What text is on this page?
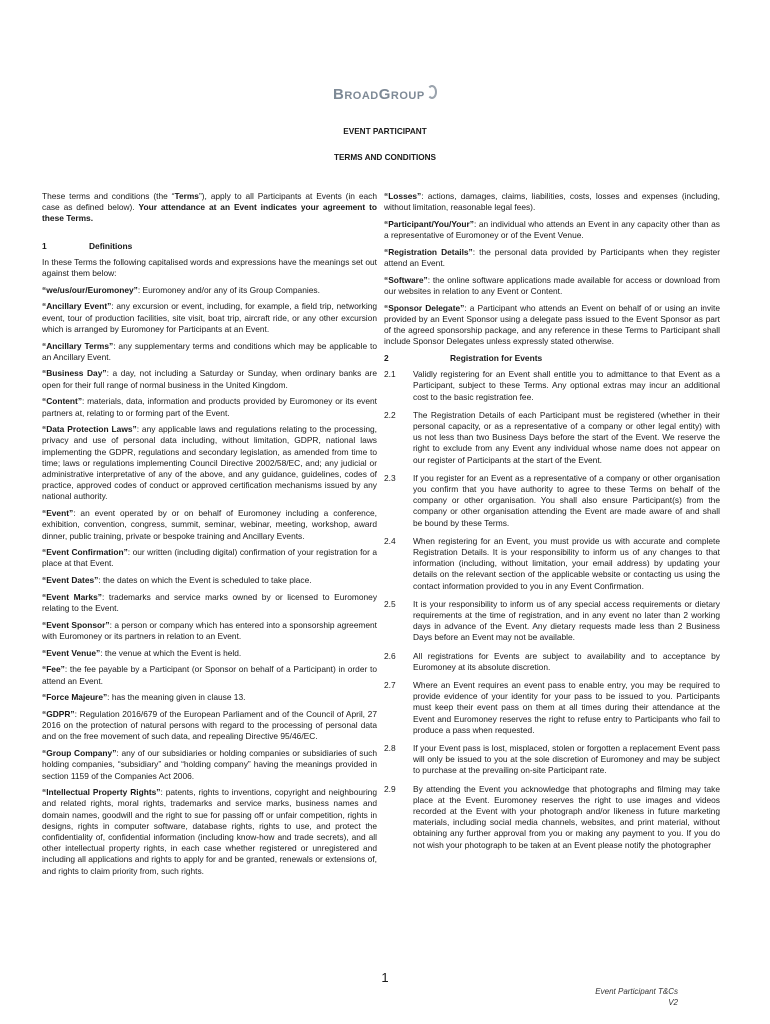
BroadGroup
EVENT PARTICIPANT
TERMS AND CONDITIONS

These terms and conditions (the “Terms”), apply to all Participants at Events (in each case as defined below). Your attendance at an Event indicates your agreement to these Terms.

1	Definitions

In these Terms the following capitalised words and expressions have the meanings set out against them below:

“we/us/our/Euromoney”: Euromoney and/or any of its Group Companies.

“Ancillary Event”: any excursion or event, including, for example, a field trip, networking event, tour of production facilities, site visit, boat trip, aircraft ride, or any other excursion which is arranged by Euromoney for Participants at an Event.

“Ancillary Terms”: any supplementary terms and conditions which may be applicable to an Ancillary Event.

“Business Day”: a day, not including a Saturday or Sunday, when ordinary banks are open for their full range of normal business in the United Kingdom.

“Content”: materials, data, information and products provided by Euromoney or its event partners at, relating to or forming part of the Event.

“Data Protection Laws”: any applicable laws and regulations relating to the processing, privacy and use of personal data including, without limitation, GDPR, national laws implementing the GDPR, regulations and secondary legislation, as amended from time to time; laws or regulations implementing Council Directive 2002/58/EC, and; any judicial or administrative interpretative of any of the above, and any guidance, guidelines, codes of practice, approved codes of conduct or approved certification mechanisms issued by any national authority.

“Event”: an event operated by or on behalf of Euromoney including a conference, exhibition, convention, congress, summit, seminar, webinar, meeting, workshop, award dinner, public training, private or bespoke training and Ancillary Events.

“Event Confirmation”: our written (including digital) confirmation of your registration for a place at that Event.

“Event Dates”: the dates on which the Event is scheduled to take place.

“Event Marks”: trademarks and service marks owned by or licensed to Euromoney relating to the Event.

“Event Sponsor”: a person or company which has entered into a sponsorship agreement with Euromoney or its partners in relation to an Event.

“Event Venue”: the venue at which the Event is held.

“Fee”: the fee payable by a Participant (or Sponsor on behalf of a Participant) in order to attend an Event.

“Force Majeure”: has the meaning given in clause 13.

“GDPR”: Regulation 2016/679 of the European Parliament and of the Council of April, 27 2016 on the protection of natural persons with regard to the processing of personal data and on the free movement of such data, and repealing Directive 95/46/EC.

“Group Company”: any of our subsidiaries or holding companies or subsidiaries of such holding companies, “subsidiary” and “holding company” having the meanings provided in section 1159 of the Companies Act 2006.

“Intellectual Property Rights”: patents, rights to inventions, copyright and neighbouring and related rights, moral rights, trademarks and service marks, business names and domain names, goodwill and the right to sue for passing off or unfair competition, rights in designs, rights in computer software, database rights, rights to use, and protect the confidentiality of, confidential information (including know-how and trade secrets), and all other intellectual property rights, in each case whether registered or unregistered and including all applications and rights to apply for and be granted, renewals or extensions of, and rights to claim priority from, such rights.

“Losses”: actions, damages, claims, liabilities, costs, losses and expenses (including, without limitation, reasonable legal fees).

“Participant/You/Your”: an individual who attends an Event in any capacity other than as a representative of Euromoney or of the Event Venue.

“Registration Details”: the personal data provided by Participants when they register attend an Event.

“Software”: the online software applications made available for access or download from our websites in relation to any Event or Content.

“Sponsor Delegate”: a Participant who attends an Event on behalf of or using an invite provided by an Event Sponsor using a delegate pass issued to the Event Sponsor as part of the agreed sponsorship package, and any reference in these Terms to Participant shall include Sponsor Delegates unless expressly stated otherwise.

2	Registration for Events
2.1	Validly registering for an Event shall entitle you to admittance to that Event as a Participant, subject to these Terms. Any optional extras may incur an additional cost to the basic registration fee.
2.2	The Registration Details of each Participant must be registered (whether in their personal capacity, or as a representative of a company or other legal entity) with us not less than two Business Days before the start of the Event. We reserve the right to exclude from any Event any individual whose name does not appear on our register of Participants at the start of the Event.
2.3	If you register for an Event as a representative of a company or other organisation you confirm that you have authority to agree to these Terms on behalf of the company or other organisation. You shall also ensure Participant(s) from the company or other organisation attending the Event are made aware of and shall be bound by these Terms.
2.4	When registering for an Event, you must provide us with accurate and complete Registration Details. It is your responsibility to inform us of any changes to that information (including, without limitation, your email address) by updating your details on the relevant section of the applicable website or contacting us using the contact information provided to you in any Event Confirmation.
2.5	It is your responsibility to inform us of any special access requirements or dietary requirements at the time of registration, and in any event no later than 2 working days in advance of the Event. Any dietary requests made less than 2 Business Days before an Event may not be available.
2.6	All registrations for Events are subject to availability and to acceptance by Euromoney at its absolute discretion.
2.7	Where an Event requires an event pass to enable entry, you may be required to provide evidence of your identity for your pass to be issued to you. Participants must keep their event pass on them at all times during their attendance at the Event and Euromoney reserves the right to refuse entry to Participants who fail to produce a pass when requested.
2.8	If your Event pass is lost, misplaced, stolen or forgotten a replacement Event pass will only be issued to you at the sole discretion of Euromoney and may be subject to purchase at the prevailing on-site Participant rate.
2.9	By attending the Event you acknowledge that photographs and filming may take place at the Event. Euromoney reserves the right to use images and videos recorded at the Event with your photograph and/or likeness in future marketing materials, including social media channels, websites, and print material, without obtaining any further approval from you or making any payment to you. If you do not wish your photograph to be taken at an Event please notify the photographer
1
Event Participant T&Cs
V2
